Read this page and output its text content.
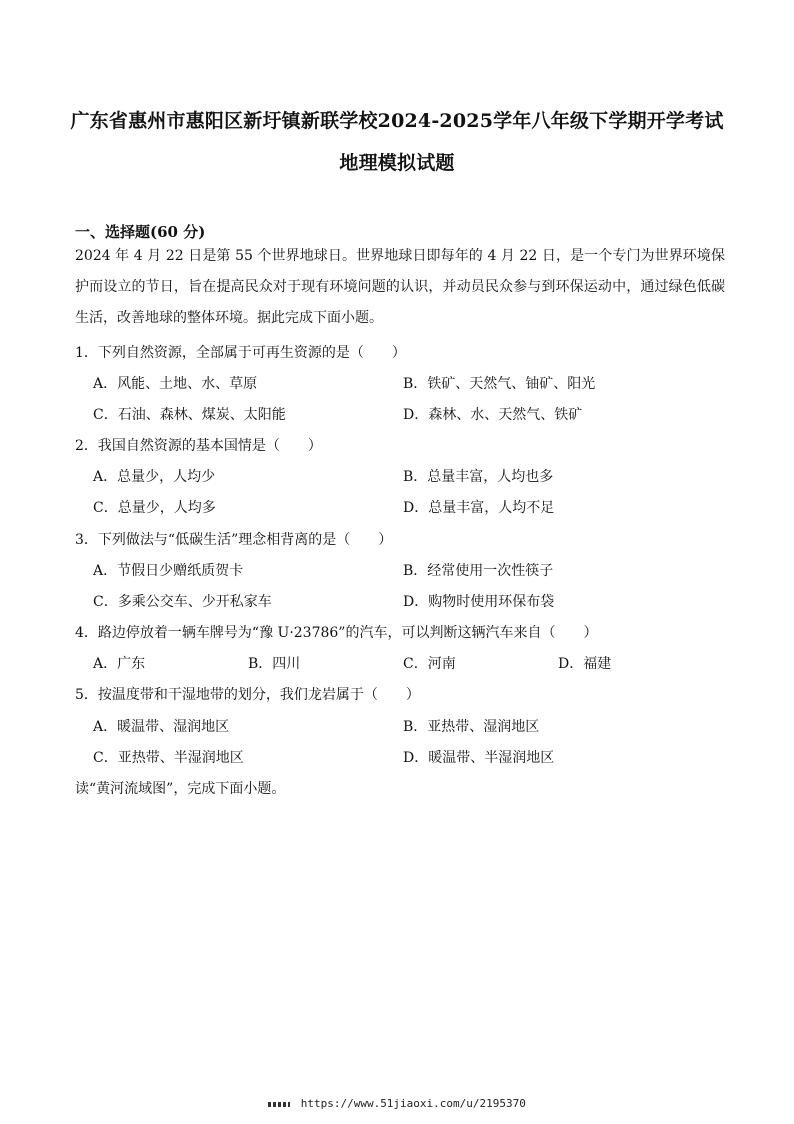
广东省惠州市惠阳区新圩镇新联学校2024-2025学年八年级下学期开学考试
地理模拟试题
一、选择题(60 分)
2024 年 4 月 22 日是第 55 个世界地球日。世界地球日即每年的 4 月 22 日，是一个专门为世界环境保护而设立的节日，旨在提高民众对于现有环境问题的认识，并动员民众参与到环保运动中，通过绿色低碳生活，改善地球的整体环境。据此完成下面小题。
1．下列自然资源，全部属于可再生资源的是（　　）
A．风能、土地、水、草原	B．铁矿、天然气、铀矿、阳光
C．石油、森林、煤炭、太阳能	D．森林、水、天然气、铁矿
2．我国自然资源的基本国情是（　　）
A．总量少，人均少	B．总量丰富，人均也多
C．总量少，人均多	D．总量丰富，人均不足
3．下列做法与“低碳生活”理念相背离的是（　　）
A．节假日少赠纸质贺卡	B．经常使用一次性筷子
C．多乘公交车、少开私家车	D．购物时使用环保布袋
4．路边停放着一辆车牌号为“豫 U·23786”的汽车，可以判断这辆汽车来自（　　）
A．广东	B．四川	C．河南	D．福建
5．按温度带和干湿地带的划分，我们龙岩属于（　　）
A．暖温带、湿润地区	B．亚热带、湿润地区
C．亚热带、半湿润地区	D．暖温带、半湿润地区
读“黄河流域图”，完成下面小题。
https://www.51jiaoxi.com/u/2195370
